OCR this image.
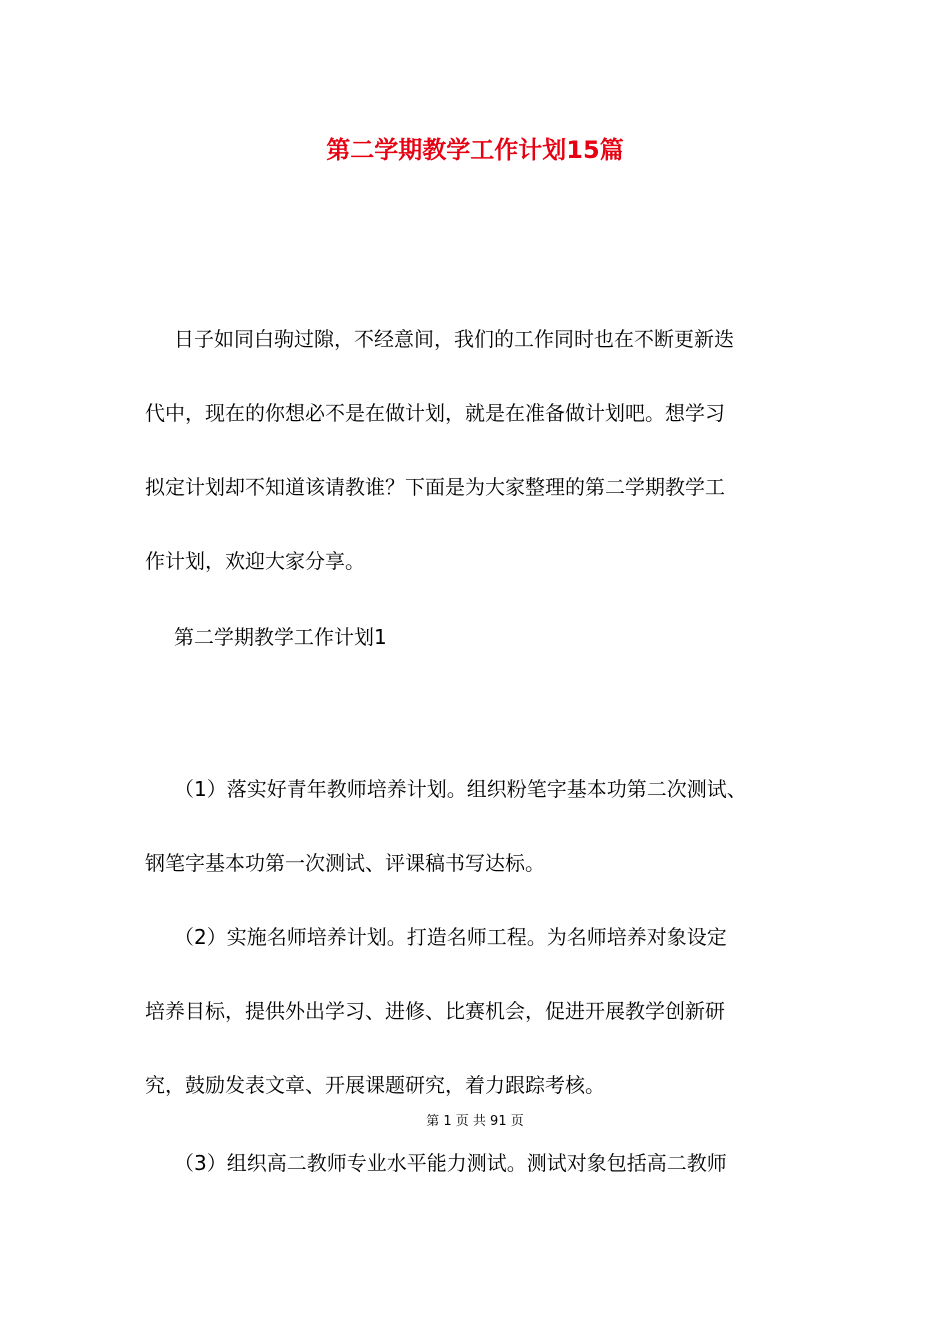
第二学期教学工作计划15篇
日子如同白驹过隙，不经意间，我们的工作同时也在不断更新迭
代中，现在的你想必不是在做计划，就是在准备做计划吧。想学习
拟定计划却不知道该请教谁？下面是为大家整理的第二学期教学工
作计划，欢迎大家分享。
第二学期教学工作计划1
（1）落实好青年教师培养计划。组织粉笔字基本功第二次测试、
钢笔字基本功第一次测试、评课稿书写达标。
（2）实施名师培养计划。打造名师工程。为名师培养对象设定
培养目标，提供外出学习、进修、比赛机会，促进开展教学创新研
究，鼓励发表文章、开展课题研究，着力跟踪考核。
第 1 页 共 91 页
（3）组织高二教师专业水平能力测试。测试对象包括高二教师
